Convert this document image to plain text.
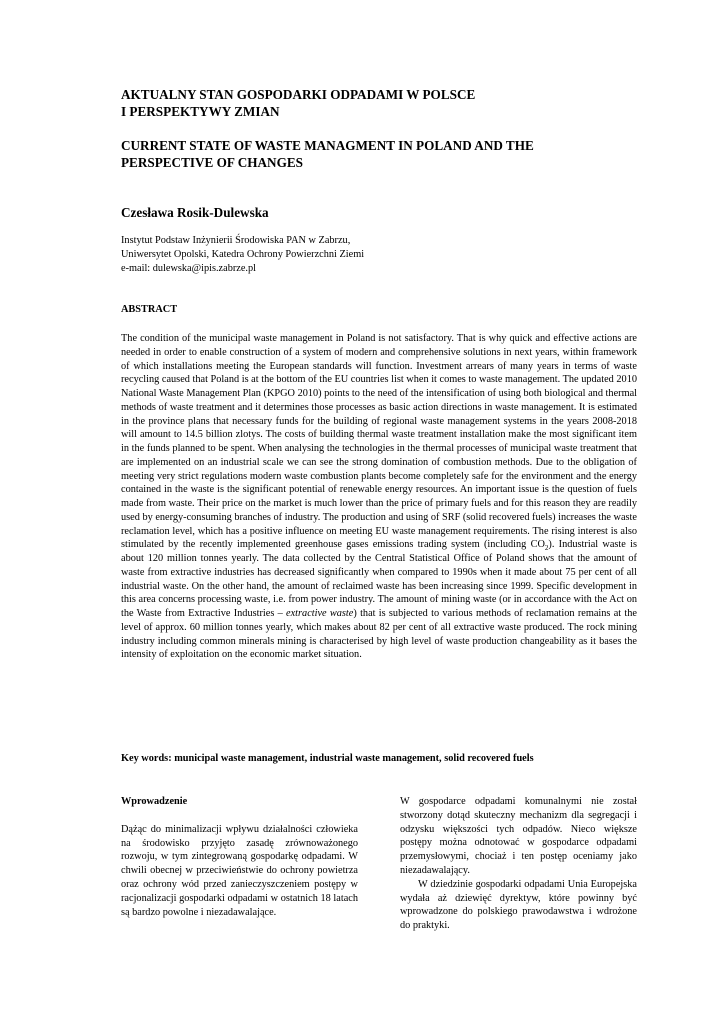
AKTUALNY STAN GOSPODARKI ODPADAMI W POLSCE
I PERSPEKTYWY ZMIAN
CURRENT STATE OF WASTE MANAGMENT IN POLAND AND THE
PERSPECTIVE OF CHANGES
Czesława Rosik-Dulewska
Instytut Podstaw Inżynierii Środowiska PAN w Zabrzu,
Uniwersytet Opolski, Katedra Ochrony Powierzchni Ziemi
e-mail: dulewska@ipis.zabrze.pl
ABSTRACT
The condition of the municipal waste management in Poland is not satisfactory. That is why quick and effective actions are needed in order to enable construction of a system of modern and comprehensive solutions in next years, within framework of which installations meeting the European standards will function. Investment arrears of many years in terms of waste recycling caused that Poland is at the bottom of the EU countries list when it comes to waste management. The updated 2010 National Waste Management Plan (KPGO 2010) points to the need of the intensification of using both biological and thermal methods of waste treatment and it determines those processes as basic action directions in waste management. It is estimated in the province plans that necessary funds for the building of regional waste management systems in the years 2008-2018 will amount to 14.5 billion zlotys. The costs of building thermal waste treatment installation make the most significant item in the funds planned to be spent. When analysing the technologies in the thermal processes of municipal waste treatment that are implemented on an industrial scale we can see the strong domination of combustion methods. Due to the obligation of meeting very strict regulations modern waste combustion plants become completely safe for the environment and the energy contained in the waste is the significant potential of renewable energy resources. An important issue is the question of fuels made from waste. Their price on the market is much lower than the price of primary fuels and for this reason they are readily used by energy-consuming branches of industry. The production and using of SRF (solid recovered fuels) increases the waste reclamation level, which has a positive influence on meeting EU waste management requirements. The rising interest is also stimulated by the recently implemented greenhouse gases emissions trading system (including $CO_2$). Industrial waste is about 120 million tonnes yearly. The data collected by the Central Statistical Office of Poland shows that the amount of waste from extractive industries has decreased significantly when compared to 1990s when it made about 75 per cent of all industrial waste. On the other hand, the amount of reclaimed waste has been increasing since 1999. Specific development in this area concerns processing waste, i.e. from power industry. The amount of mining waste (or in accordance with the Act on the Waste from Extractive Industries – extractive waste) that is subjected to various methods of reclamation remains at the level of approx. 60 million tonnes yearly, which makes about 82 per cent of all extractive waste produced. The rock mining industry including common minerals mining is characterised by high level of waste production changeability as it bases the intensity of exploitation on the economic market situation.
Key words: municipal waste management, industrial waste management, solid recovered fuels
Wprowadzenie

Dążąc do minimalizacji wpływu działalności człowieka na środowisko przyjęto zasadę zrównoważonego rozwoju, w tym zintegrowaną gospodarkę odpadami. W chwili obecnej w przeciwieństwie do ochrony powietrza oraz ochrony wód przed zanieczyszczeniem postępy w racjonalizacji gospodarki odpadami w ostatnich 18 latach są bardzo powolne i niezadawalające.

W gospodarce odpadami komunalnymi nie został stworzony dotąd skuteczny mechanizm dla segregacji i odzysku większości tych odpadów. Nieco większe postępy można odnotować w gospodarce odpadami przemysłowymi, chociaż i ten postęp oceniamy jako niezadawalający.

W dziedzinie gospodarki odpadami Unia Europejska wydała aż dziewięć dyrektyw, które powinny być wprowadzone do polskiego prawodawstwa i wdrożone do praktyki.
